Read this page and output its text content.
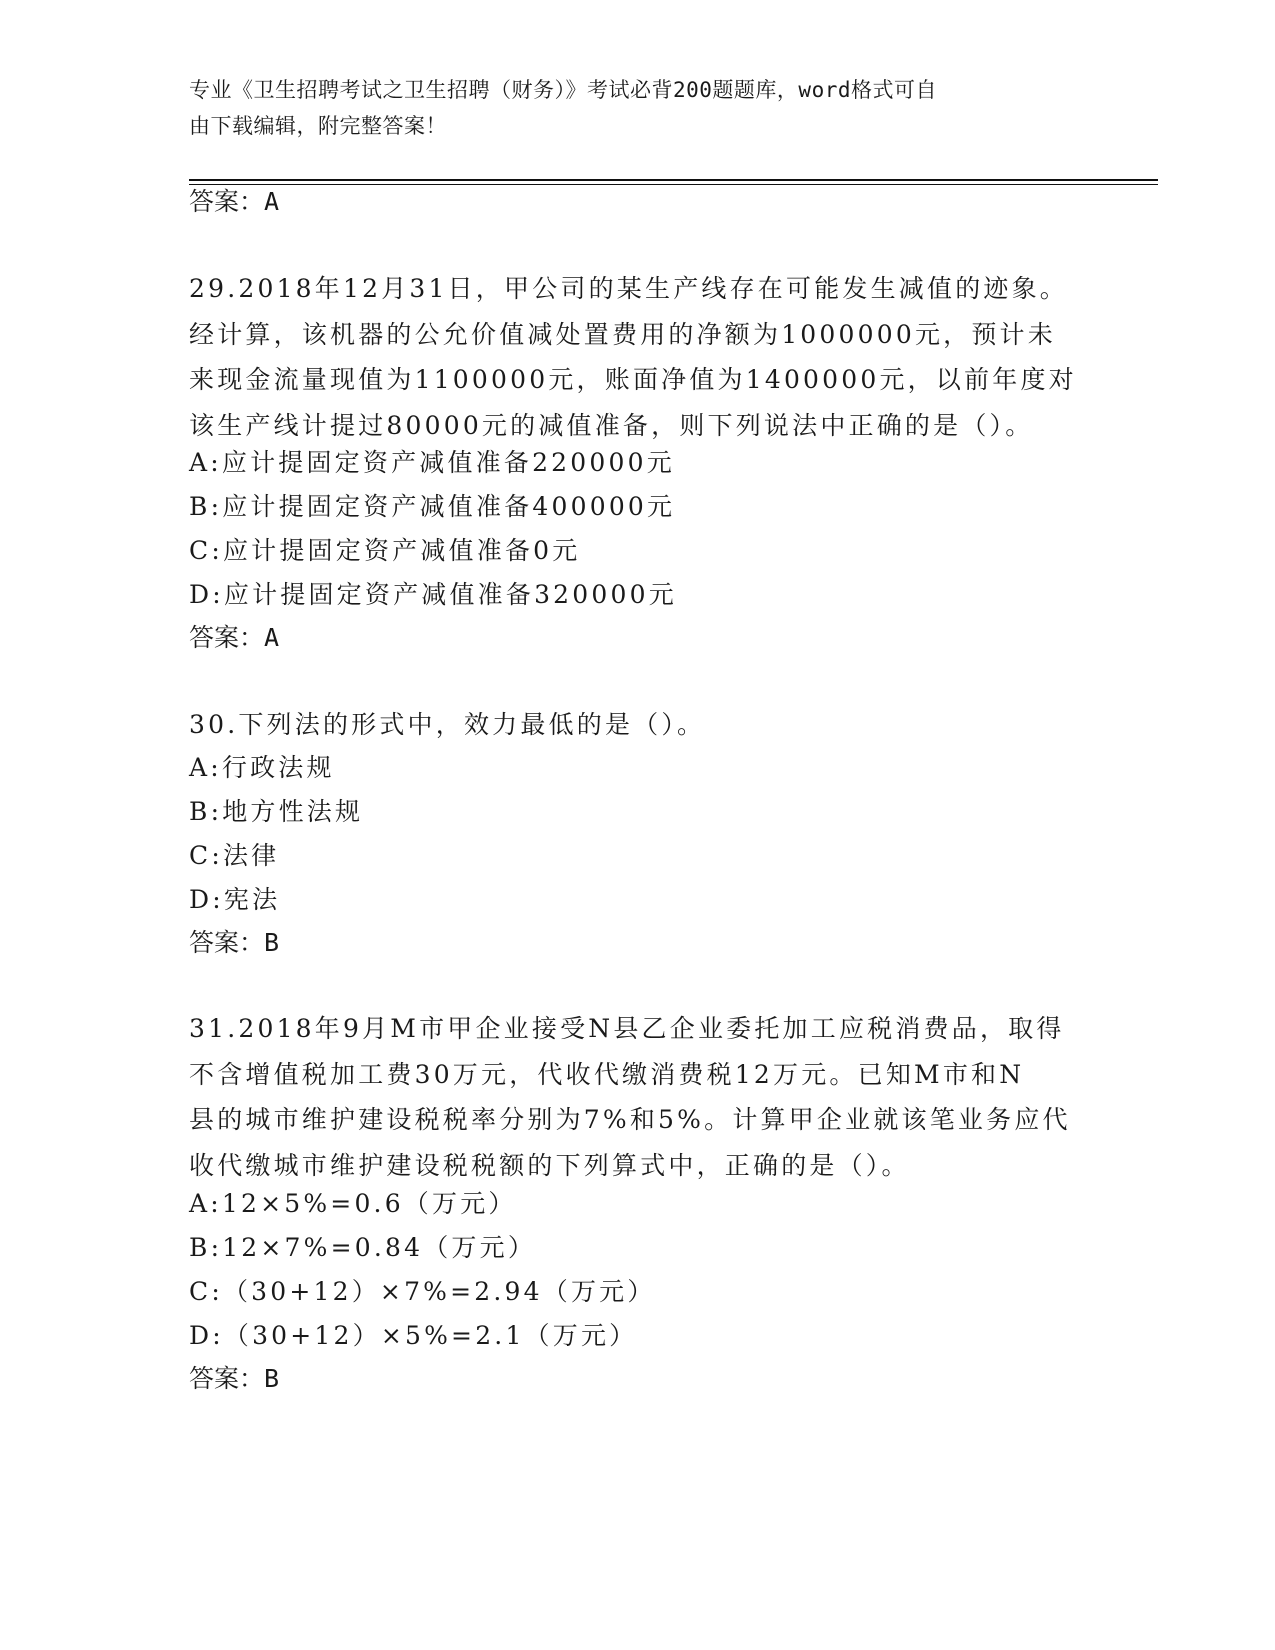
专业《卫生招聘考试之卫生招聘（财务）》考试必背200题题库，word格式可自
由下载编辑，附完整答案！
答案：A

29.2018年12月31日，甲公司的某生产线存在可能发生减值的迹象。

经计算，该机器的公允价值减处置费用的净额为1000000元，预计未

来现金流量现值为1100000元，账面净值为1400000元，以前年度对

该生产线计提过80000元的减值准备，则下列说法中正确的是（）。

A:应计提固定资产减值准备220000元
B:应计提固定资产减值准备400000元
C:应计提固定资产减值准备0元
D:应计提固定资产减值准备320000元
答案：A

30.下列法的形式中，效力最低的是（）。

A:行政法规
B:地方性法规
C:法律
D:宪法
答案：B

31.2018年9月M市甲企业接受N县乙企业委托加工应税消费品，取得

不含增值税加工费30万元，代收代缴消费税12万元。已知M市和N

县的城市维护建设税税率分别为7%和5%。计算甲企业就该笔业务应代

收代缴城市维护建设税税额的下列算式中，正确的是（）。

A:12×5%=0.6（万元）
B:12×7%=0.84（万元）
C:（30+12）×7%=2.94（万元）
D:（30+12）×5%=2.1（万元）
答案：B
